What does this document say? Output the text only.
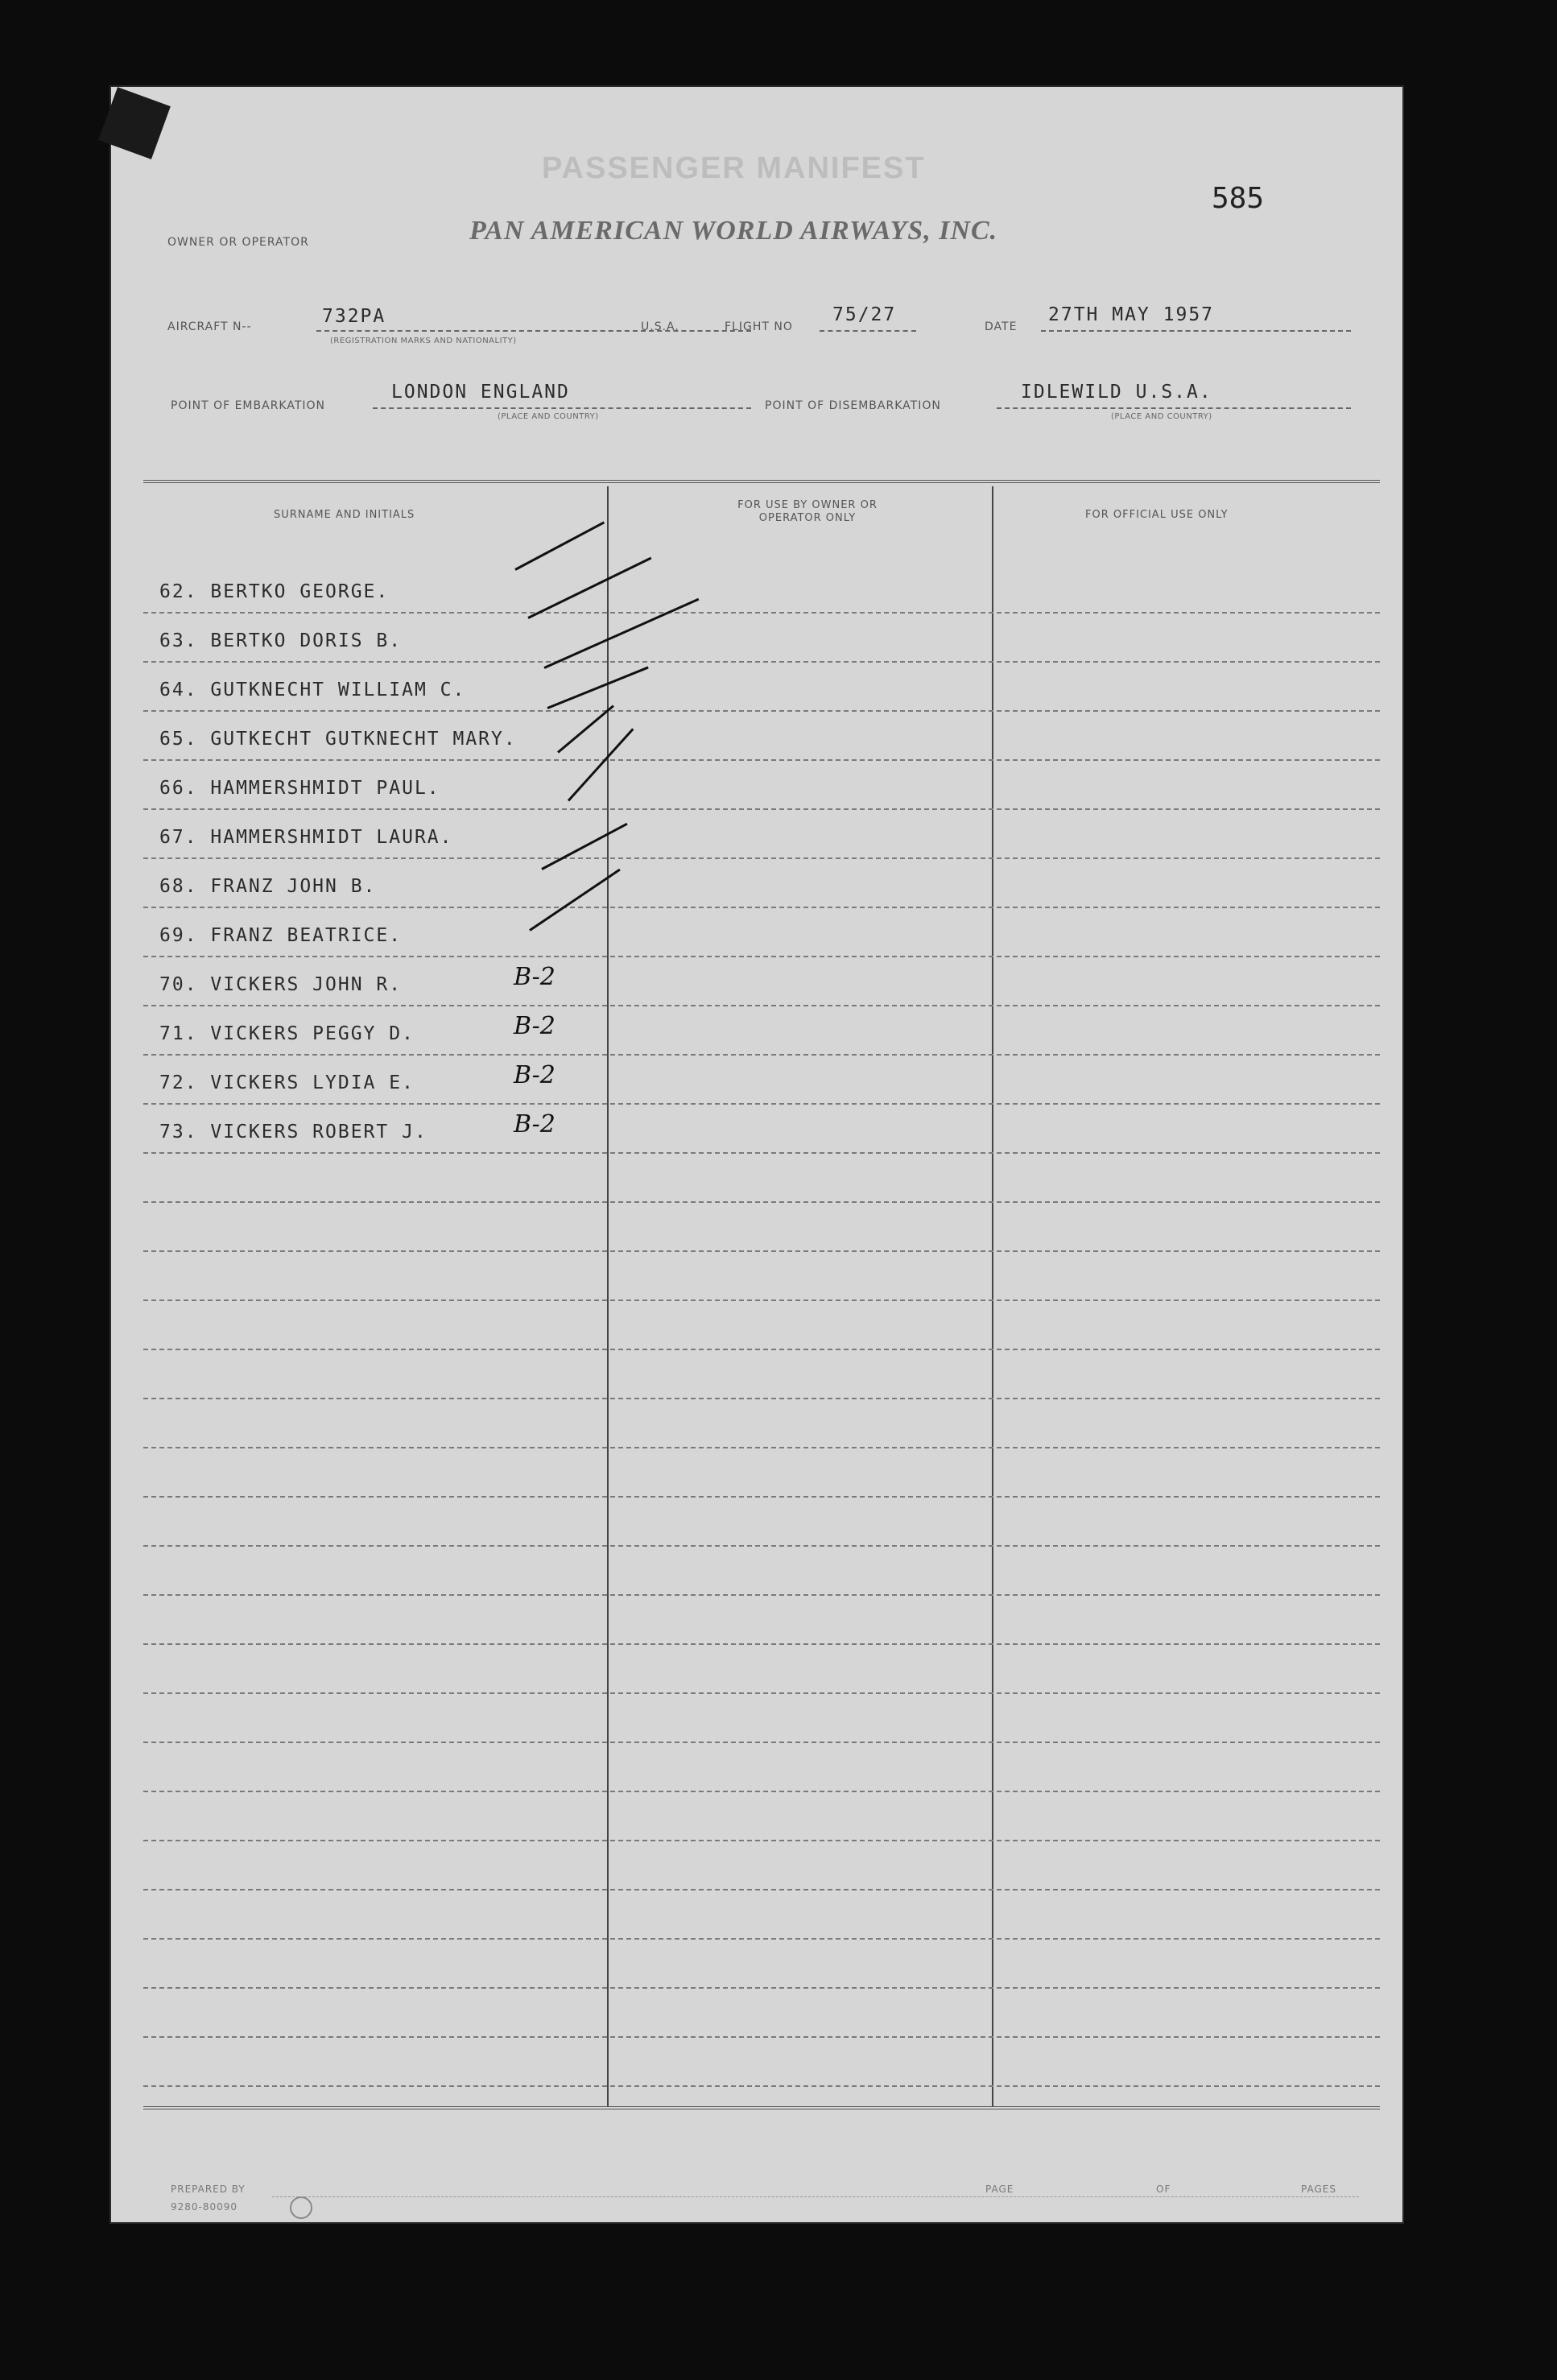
PASSENGER MANIFEST
585
OWNER OR OPERATOR	PAN AMERICAN WORLD AIRWAYS, INC.
AIRCRAFT N--	732PA
(REGISTRATION MARKS AND NATIONALITY)
U.S.A.	FLIGHT NO
75/27
DATE
27TH MAY 1957
POINT OF EMBARKATION
LONDON ENGLAND
(PLACE AND COUNTRY)
POINT OF DISEMBARKATION
IDLEWILD U.S.A.
(PLACE AND COUNTRY)
SURNAME AND INITIALS
FOR USE BY OWNER OR OPERATOR ONLY	FOR OFFICIAL USE ONLY
62. BERTKO GEORGE.
63. BERTKO DORIS B.
64. GUTKNECHT WILLIAM C.
65. GUTKECHT GUTKNECHT MARY.
66. HAMMERSHMIDT PAUL.
67. HAMMERSHMIDT LAURA.
68. FRANZ JOHN B.
69. FRANZ BEATRICE.
70. VICKERS JOHN R.	B-2
71. VICKERS PEGGY D.	B-2
72. VICKERS LYDIA E.	B-2
73. VICKERS ROBERT J.	B-2
PREPARED BY
9280-80090
PAGE	OF	PAGES
